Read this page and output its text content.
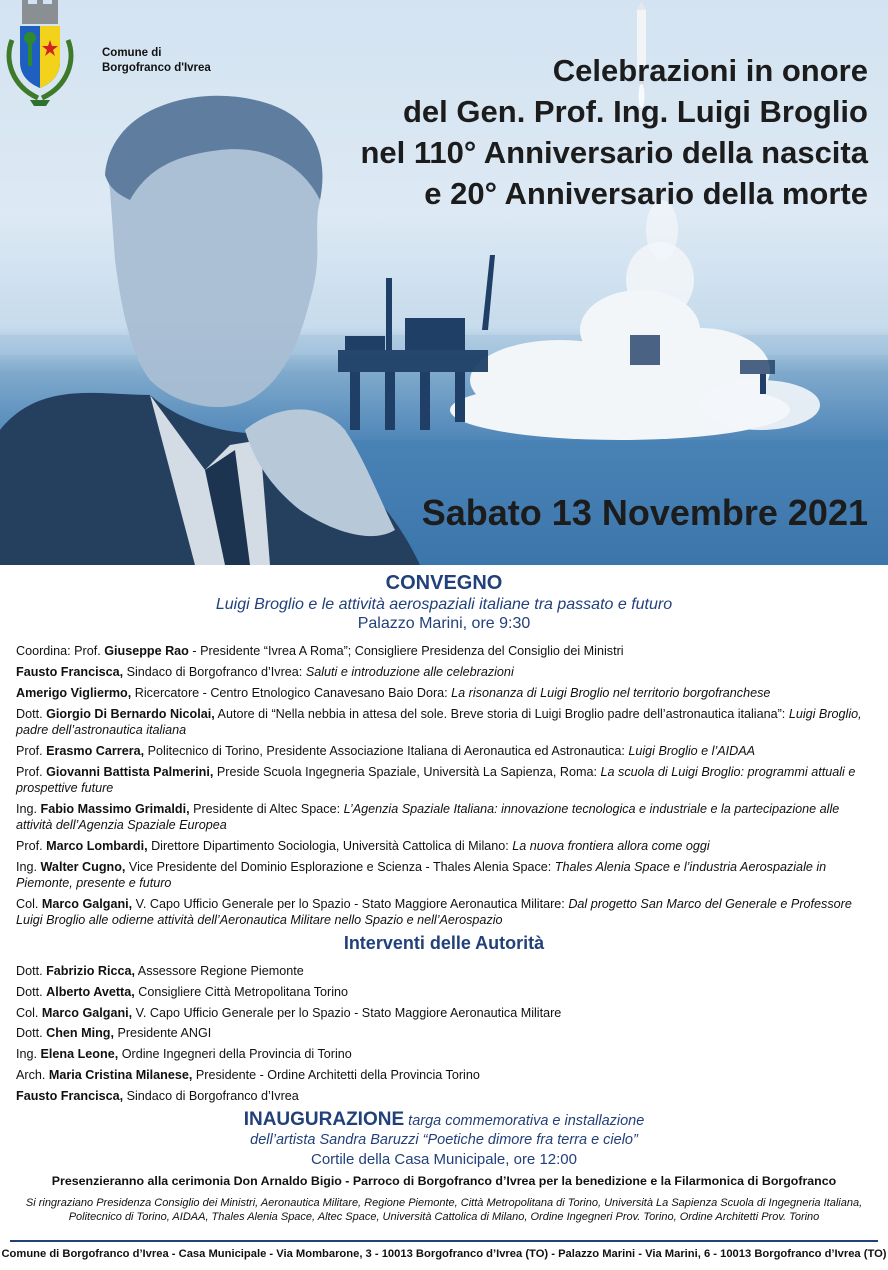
Comune di
Borgofranco d'Ivrea	Celebrazioni in onore
del Gen. Prof. Ing. Luigi Broglio
nel 110° Anniversario della nascita
e 20° Anniversario della morte
Sabato 13 Novembre 2021
CONVEGNO
Luigi Broglio e le attività aerospaziali italiane tra passato e futuro
Palazzo Marini, ore 9:30
Coordina: Prof. Giuseppe Rao - Presidente “Ivrea A Roma”; Consigliere Presidenza del Consiglio dei Ministri
Fausto Francisca, Sindaco di Borgofranco d’Ivrea: Saluti e introduzione alle celebrazioni
Amerigo Vigliermo, Ricercatore - Centro Etnologico Canavesano Baio Dora: La risonanza di Luigi Broglio nel territorio borgofranchese
Dott. Giorgio Di Bernardo Nicolai, Autore di “Nella nebbia in attesa del sole. Breve storia di Luigi Broglio padre dell’astronautica italiana”: Luigi Broglio, padre dell’astronautica italiana
Prof. Erasmo Carrera, Politecnico di Torino, Presidente Associazione Italiana di Aeronautica ed Astronautica: Luigi Broglio e l’AIDAA
Prof. Giovanni Battista Palmerini, Preside Scuola Ingegneria Spaziale, Università La Sapienza, Roma: La scuola di Luigi Broglio: programmi attuali e prospettive future
Ing. Fabio Massimo Grimaldi, Presidente di Altec Space: L’Agenzia Spaziale Italiana: innovazione tecnologica e industriale e la partecipazione alle attività dell’Agenzia Spaziale Europea
Prof. Marco Lombardi, Direttore Dipartimento Sociologia, Università Cattolica di Milano: La nuova frontiera allora come oggi
Ing. Walter Cugno, Vice Presidente del Dominio Esplorazione e Scienza - Thales Alenia Space: Thales Alenia Space e l’industria Aerospaziale in Piemonte, presente e futuro
Col. Marco Galgani, V. Capo Ufficio Generale per lo Spazio - Stato Maggiore Aeronautica Militare: Dal progetto San Marco del Generale e Professore Luigi Broglio alle odierne attività dell’Aeronautica Militare nello Spazio e nell’Aerospazio
Interventi delle Autorità
Dott. Fabrizio Ricca, Assessore Regione Piemonte
Dott. Alberto Avetta, Consigliere Città Metropolitana Torino
Col. Marco Galgani, V. Capo Ufficio Generale per lo Spazio - Stato Maggiore Aeronautica Militare
Dott. Chen Ming, Presidente ANGI
Ing. Elena Leone, Ordine Ingegneri della Provincia di Torino
Arch. Maria Cristina Milanese, Presidente - Ordine Architetti della Provincia Torino
Fausto Francisca, Sindaco di Borgofranco d’Ivrea
INAUGURAZIONE targa commemorativa e installazione
dell’artista Sandra Baruzzi “Poetiche dimore fra terra e cielo”
Cortile della Casa Municipale, ore 12:00
Presenzieranno alla cerimonia Don Arnaldo Bigio - Parroco di Borgofranco d’Ivrea per la benedizione e la Filarmonica di Borgofranco
Si ringraziano Presidenza Consiglio dei Ministri, Aeronautica Militare, Regione Piemonte, Città Metropolitana di Torino, Università La Sapienza Scuola di Ingegneria Italiana, Politecnico di Torino, AIDAA, Thales Alenia Space, Altec Space, Università Cattolica di Milano, Ordine Ingegneri Prov. Torino, Ordine Architetti Prov. Torino
Comune di Borgofranco d’Ivrea - Casa Municipale - Via Mombarone, 3 - 10013 Borgofranco d’Ivrea (TO) - Palazzo Marini - Via Marini, 6 - 10013 Borgofranco d’Ivrea (TO)
